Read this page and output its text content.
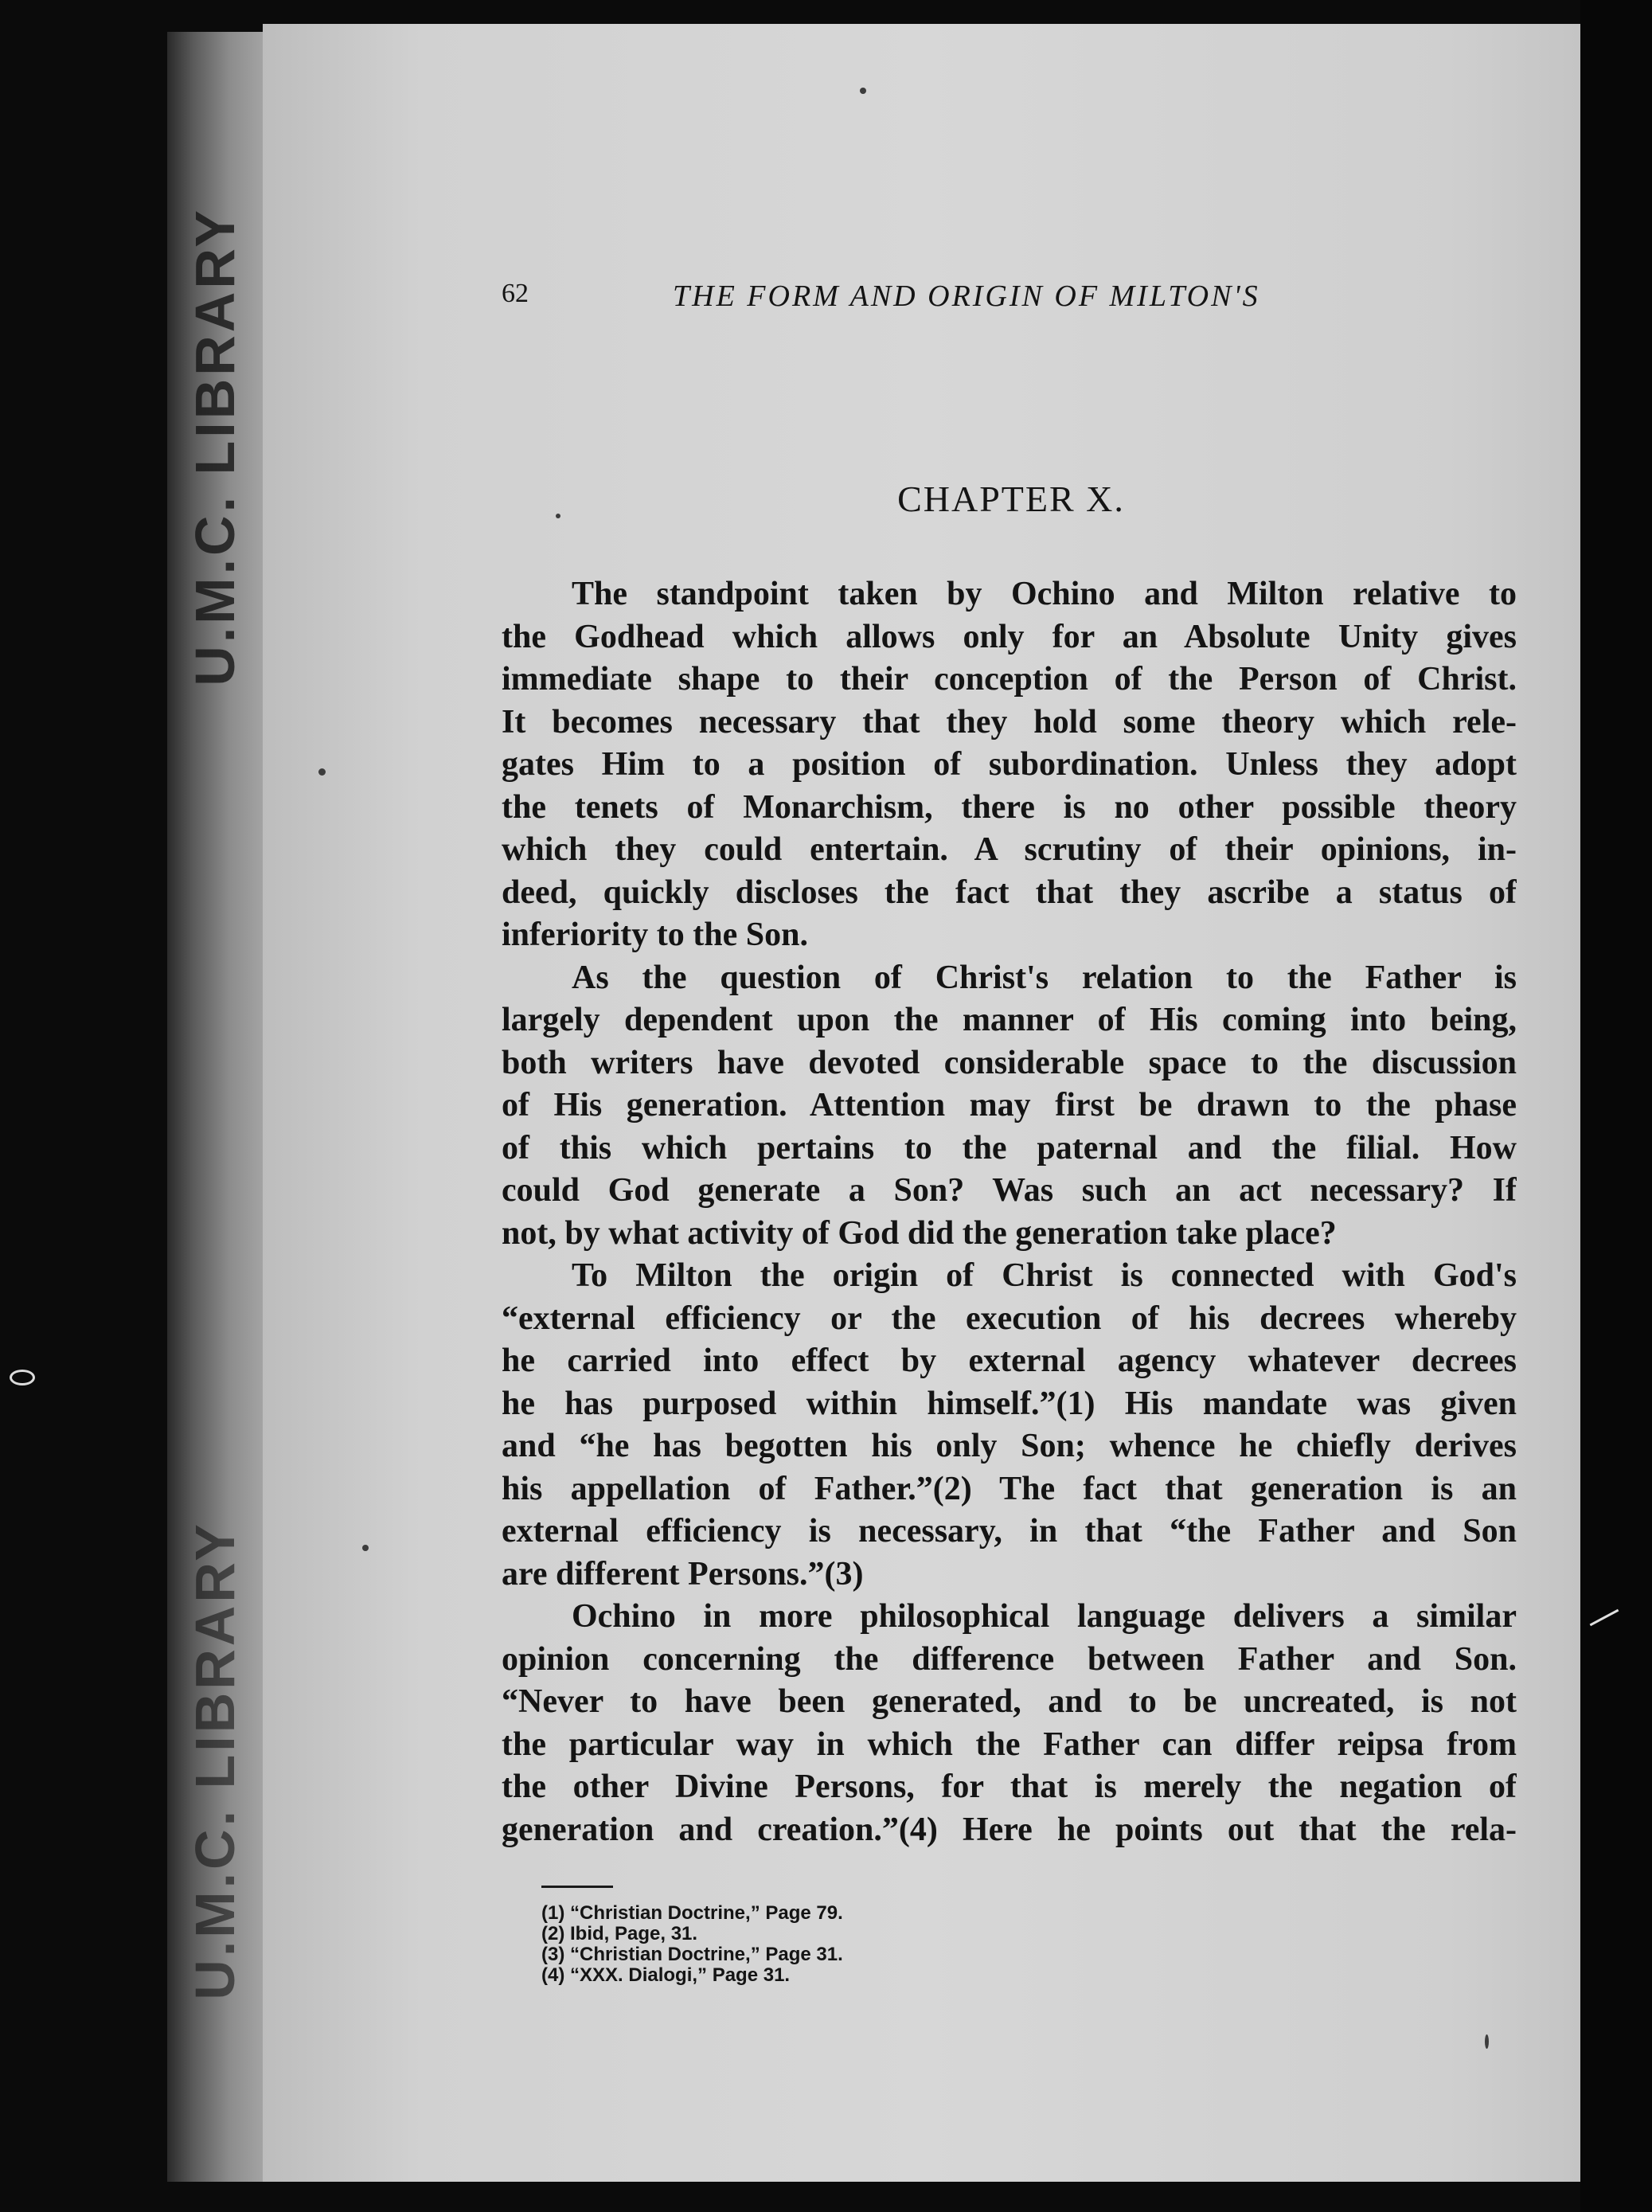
U.M.C. LIBRARY
U.M.C. LIBRARY
62	THE FORM AND ORIGIN OF MILTON'S
CHAPTER X.
The standpoint taken by Ochino and Milton relative to
the Godhead which allows only for an Absolute Unity gives
immediate shape to their conception of the Person of Christ.
It becomes necessary that they hold some theory which rele-
gates Him to a position of subordination. Unless they adopt
the tenets of Monarchism, there is no other possible theory
which they could entertain. A scrutiny of their opinions, in-
deed, quickly discloses the fact that they ascribe a status of
inferiority to the Son.
As the question of Christ's relation to the Father is
largely dependent upon the manner of His coming into being,
both writers have devoted considerable space to the discussion
of His generation. Attention may first be drawn to the phase
of this which pertains to the paternal and the filial. How
could God generate a Son? Was such an act necessary? If
not, by what activity of God did the generation take place?
To Milton the origin of Christ is connected with God's
“external efficiency or the execution of his decrees whereby
he carried into effect by external agency whatever decrees
he has purposed within himself.”(1) His mandate was given
and “he has begotten his only Son; whence he chiefly derives
his appellation of Father.”(2) The fact that generation is an
external efficiency is necessary, in that “the Father and Son
are different Persons.”(3)
Ochino in more philosophical language delivers a similar
opinion concerning the difference between Father and Son.
“Never to have been generated, and to be uncreated, is not
the particular way in which the Father can differ reipsa from
the other Divine Persons, for that is merely the negation of
generation and creation.”(4) Here he points out that the rela-
(1) “Christian Doctrine,” Page 79.
(2) Ibid, Page, 31.
(3) “Christian Doctrine,” Page 31.
(4) “XXX. Dialogi,” Page 31.
